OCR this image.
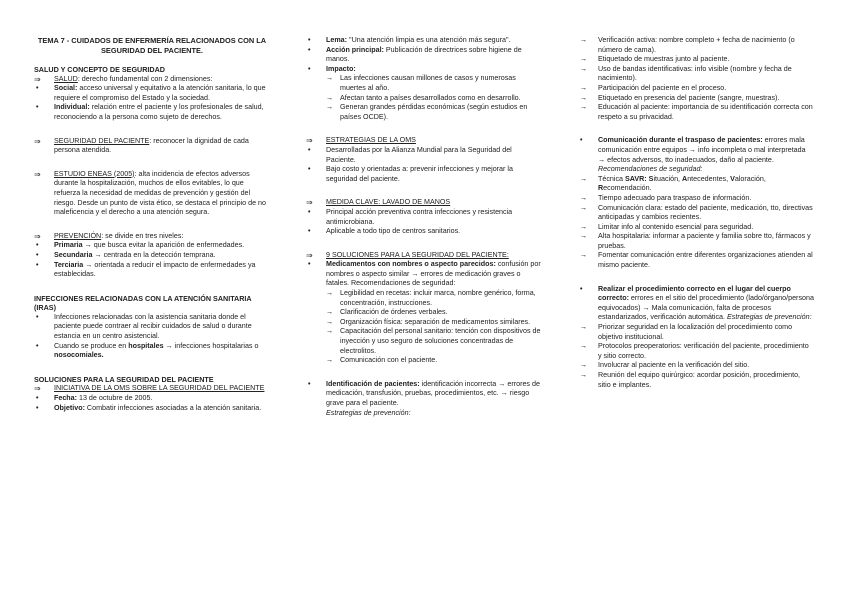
TEMA 7 - CUIDADOS DE ENFERMERÍA RELACIONADOS CON LA SEGURIDAD DEL PACIENTE.

SALUD Y CONCEPTO DE SEGURIDAD

⇒ SALUD: derecho fundamental con 2 dimensiones:

• Social: acceso universal y equitativo a la atención sanitaria, lo que requiere el compromiso del Estado y la sociedad.

• Individual: relación entre el paciente y los profesionales de salud, reconociendo a la persona como sujeto de derechos.

⇒ SEGURIDAD DEL PACIENTE: reconocer la dignidad de cada persona atendida.

⇒ ESTUDIO ENEAS (2005): alta incidencia de efectos adversos durante la hospitalización, muchos de ellos evitables, lo que refuerza la necesidad de medidas de prevención y gestión del riesgo. Desde un punto de vista ético, se destaca el principio de no maleficencia y el derecho a una atención segura.

⇒ PREVENCIÓN: se divide en tres niveles:

• Primaria → que busca evitar la aparición de enfermedades.

• Secundaria → centrada en la detección temprana.

• Terciaria → orientada a reducir el impacto de enfermedades ya establecidas.

INFECCIONES RELACIONADAS CON LA ATENCIÓN SANITARIA (IRAS)

• Infecciones relacionadas con la asistencia sanitaria donde el paciente puede contraer al recibir cuidados de salud o durante estancia en un centro asistencial.

• Cuando se produce en hospitales → infecciones hospitalarias o nosocomiales.

SOLUCIONES PARA LA SEGURIDAD DEL PACIENTE

⇒ INICIATIVA DE LA OMS SOBRE LA SEGURIDAD DEL PACIENTE

• Fecha: 13 de octubre de 2005.

• Objetivo: Combatir infecciones asociadas a la atención sanitaria.

• Lema: "Una atención limpia es una atención más segura".

• Acción principal: Publicación de directrices sobre higiene de manos.

• Impacto:

→ Las infecciones causan millones de casos y numerosas muertes al año.

→ Afectan tanto a países desarrollados como en desarrollo.

→ Generan grandes pérdidas económicas (según estudios en países OCDE).

⇒ ESTRATEGIAS DE LA OMS

• Desarrolladas por la Alianza Mundial para la Seguridad del Paciente.

• Bajo costo y orientadas a: prevenir infecciones y mejorar la seguridad del paciente.

⇒ MEDIDA CLAVE: LAVADO DE MANOS

• Principal acción preventiva contra infecciones y resistencia antimicrobiana.

• Aplicable a todo tipo de centros sanitarios.

⇒ 9 SOLUCIONES PARA LA SEGURIDAD DEL PACIENTE:

• Medicamentos con nombres o aspecto parecidos: confusión por nombres o aspecto similar → errores de medicación graves o fatales. Recomendaciones de seguridad:

→ Legibilidad en recetas: incluir marca, nombre genérico, forma, concentración, instrucciones.

→ Clarificación de órdenes verbales.

→ Organización física: separación de medicamentos similares.

→ Capacitación del personal sanitario: tención con dispositivos de inyección y uso seguro de soluciones concentradas de electrolitos.

→ Comunicación con el paciente.

• Identificación de pacientes: identificación incorrecta → errores de medicación, transfusión, pruebas, procedimientos, etc. → riesgo grave para el paciente.
Estrategias de prevención:

→ Verificación activa: nombre completo + fecha de nacimiento (o número de cama).

→ Etiquetado de muestras junto al paciente.

→ Uso de bandas identificativas: info visible (nombre y fecha de nacimiento).

→ Participación del paciente en el proceso.

→ Etiquetado en presencia del paciente (sangre, muestras).

→ Educación al paciente: importancia de su identificación correcta con respeto a su privacidad.

• Comunicación durante el traspaso de pacientes: errores mala comunicación entre equipos → info incompleta o mal interpretada → efectos adversos, tto inadecuados, daño al paciente.
Recomendaciones de seguridad:

→ Técnica SAVR: Situación, Antecedentes, Valoración, Recomendación.

→ Tiempo adecuado para traspaso de información.

→ Comunicación clara: estado del paciente, medicación, tto, directivas anticipadas y cambios recientes.

→ Limitar info al contenido esencial para seguridad.

→ Alta hospitalaria: informar a paciente y familia sobre tto, fármacos y pruebas.

→ Fomentar comunicación entre diferentes organizaciones atienden al mismo paciente.

• Realizar el procedimiento correcto en el lugar del cuerpo correcto: errores en el sitio del procedimiento (lado/órgano/persona equivocados) → Mala comunicación, falta de procesos estandarizados, verificación automática. Estrategias de prevención:

→ Priorizar seguridad en la localización del procedimiento como objetivo institucional.

→ Protocolos preoperatorios: verificación del paciente, procedimiento y sitio correcto.

→ Involucrar al paciente en la verificación del sitio.

→ Reunión del equipo quirúrgico: acordar posición, procedimiento, sitio e implantes.
